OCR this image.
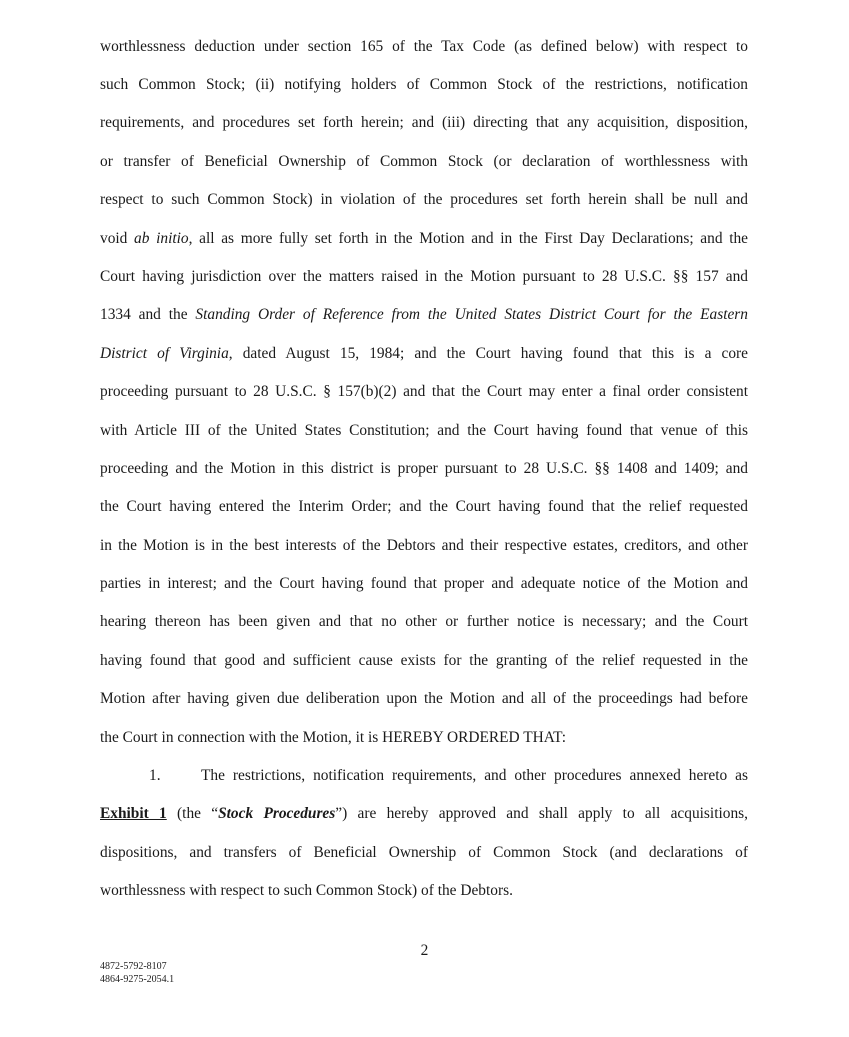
worthlessness deduction under section 165 of the Tax Code (as defined below) with respect to
such Common Stock; (ii) notifying holders of Common Stock of the restrictions, notification
requirements, and procedures set forth herein; and (iii) directing that any acquisition, disposition,
or transfer of Beneficial Ownership of Common Stock (or declaration of worthlessness with
respect to such Common Stock) in violation of the procedures set forth herein shall be null and
void ab initio, all as more fully set forth in the Motion and in the First Day Declarations; and the
Court having jurisdiction over the matters raised in the Motion pursuant to 28 U.S.C. §§ 157 and
1334 and the Standing Order of Reference from the United States District Court for the Eastern
District of Virginia, dated August 15, 1984; and the Court having found that this is a core
proceeding pursuant to 28 U.S.C. § 157(b)(2) and that the Court may enter a final order consistent
with Article III of the United States Constitution; and the Court having found that venue of this
proceeding and the Motion in this district is proper pursuant to 28 U.S.C. §§ 1408 and 1409; and
the Court having entered the Interim Order; and the Court having found that the relief requested
in the Motion is in the best interests of the Debtors and their respective estates, creditors, and other
parties in interest; and the Court having found that proper and adequate notice of the Motion and
hearing thereon has been given and that no other or further notice is necessary; and the Court
having found that good and sufficient cause exists for the granting of the relief requested in the
Motion after having given due deliberation upon the Motion and all of the proceedings had before
the Court in connection with the Motion, it is HEREBY ORDERED THAT:
1.	The restrictions, notification requirements, and other procedures annexed hereto as
Exhibit 1 (the “Stock Procedures”) are hereby approved and shall apply to all acquisitions,
dispositions, and transfers of Beneficial Ownership of Common Stock (and declarations of
worthlessness with respect to such Common Stock) of the Debtors.
2
4872-5792-8107
4864-9275-2054.1
